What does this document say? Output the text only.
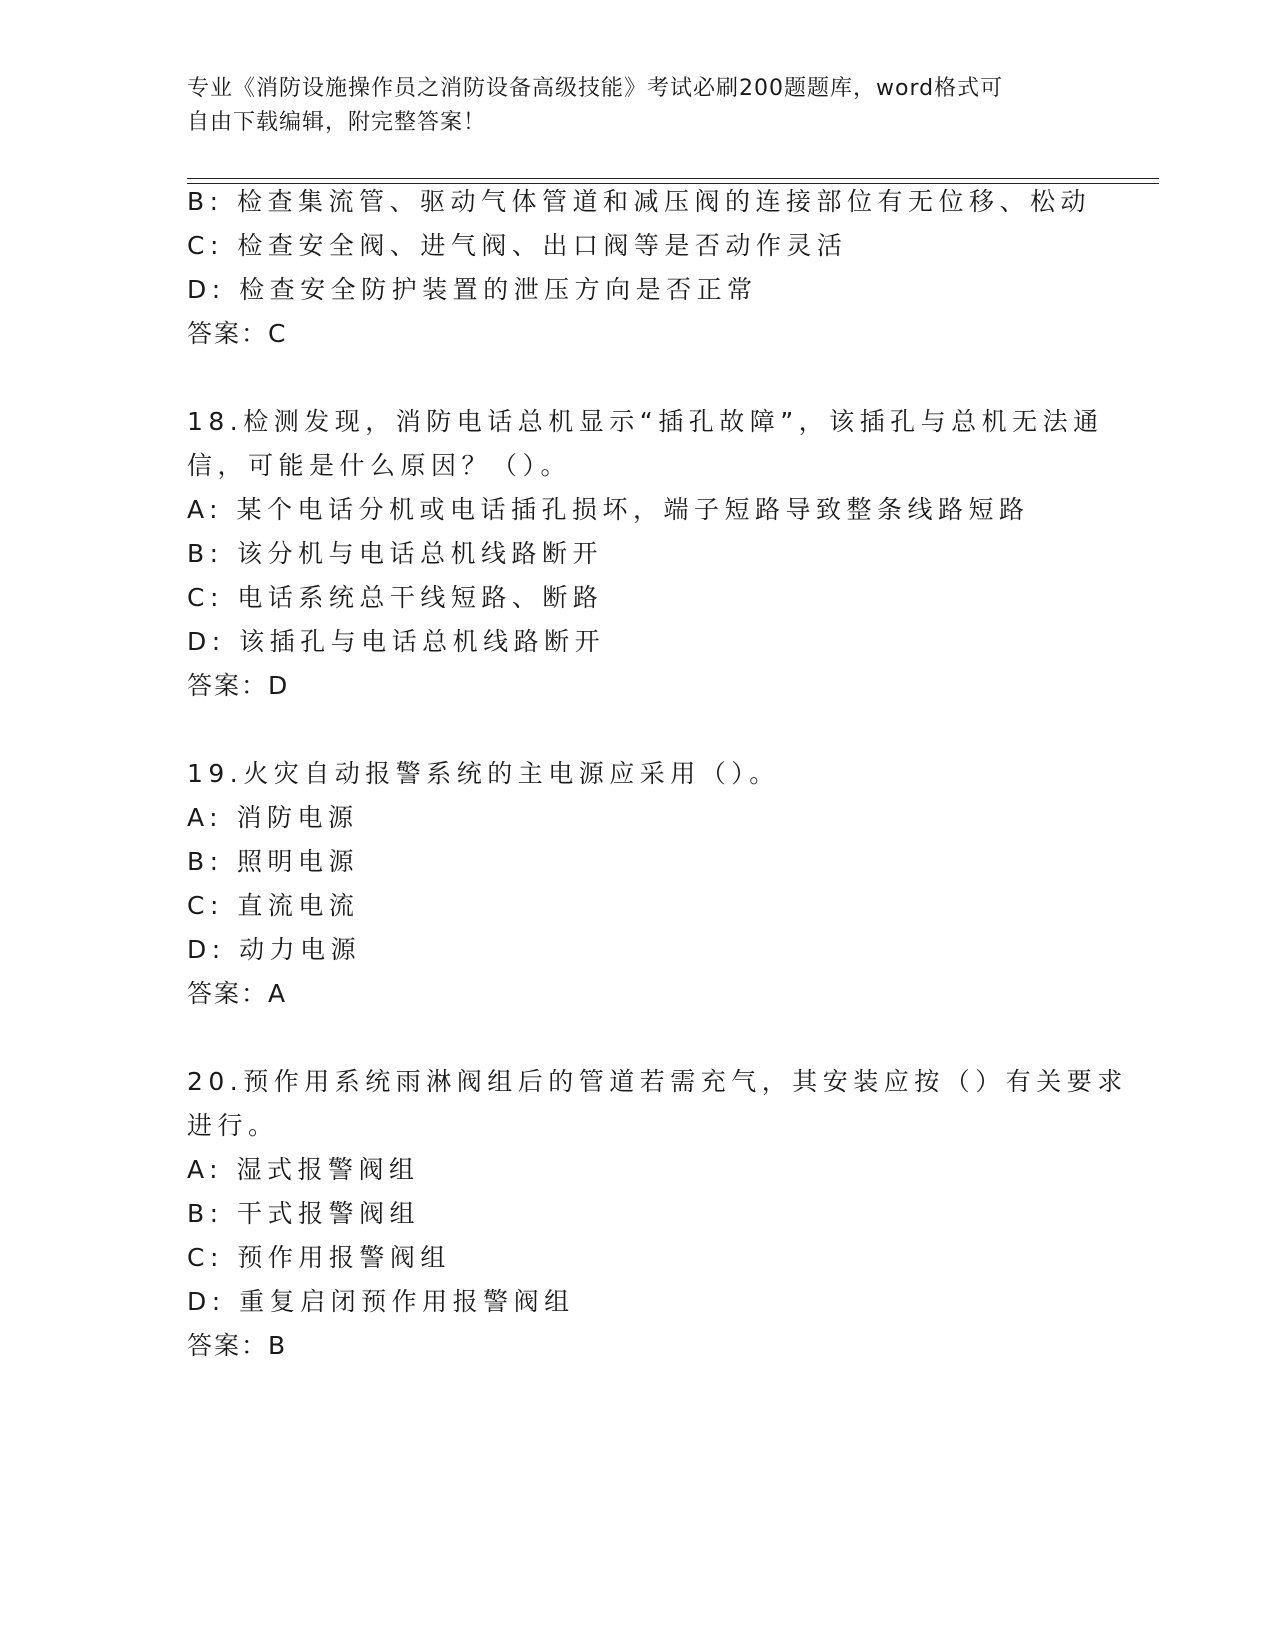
专业《消防设施操作员之消防设备高级技能》考试必刷200题题库，word格式可
自由下载编辑，附完整答案！
B: 检查集流管、驱动气体管道和减压阀的连接部位有无位移、松动
C: 检查安全阀、进气阀、出口阀等是否动作灵活
D: 检查安全防护装置的泄压方向是否正常
答案：C
18.检测发现，消防电话总机显示“插孔故障”，该插孔与总机无法通
信，可能是什么原因？（）。
A: 某个电话分机或电话插孔损坏，端子短路导致整条线路短路
B: 该分机与电话总机线路断开
C: 电话系统总干线短路、断路
D: 该插孔与电话总机线路断开
答案：D
19.火灾自动报警系统的主电源应采用（）。
A: 消防电源
B: 照明电源
C: 直流电流
D: 动力电源
答案：A
20.预作用系统雨淋阀组后的管道若需充气，其安装应按（）有关要求
进行。
A: 湿式报警阀组
B: 干式报警阀组
C: 预作用报警阀组
D: 重复启闭预作用报警阀组
答案：B
